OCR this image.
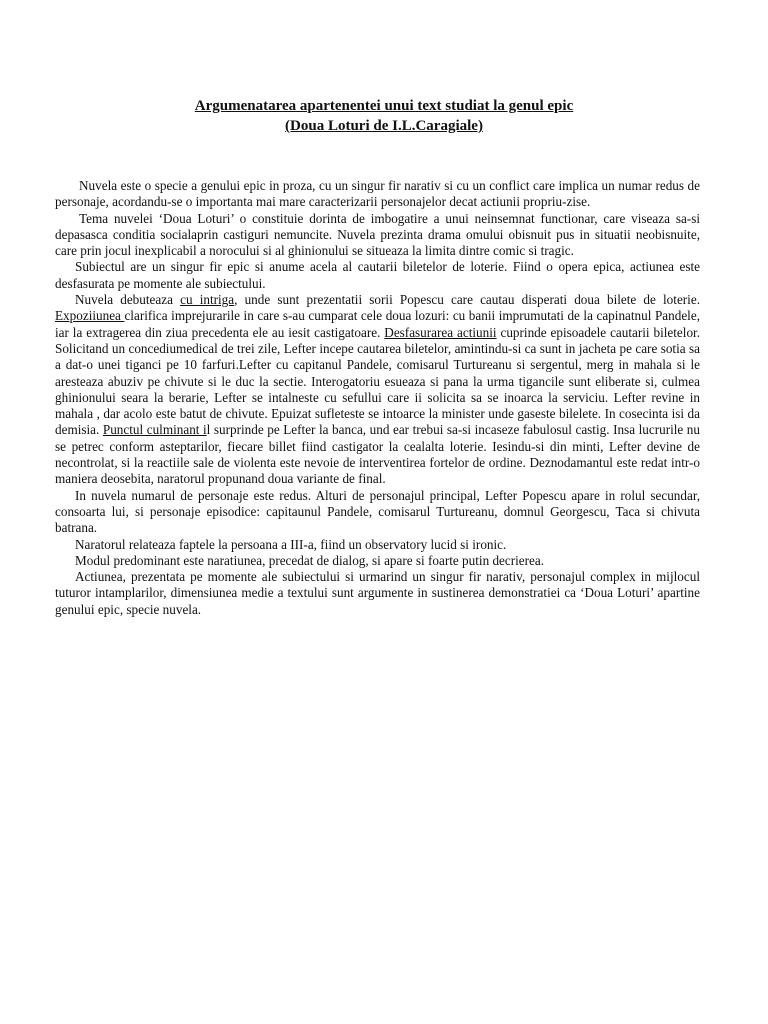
Argumenatarea apartenentei unui text studiat la genul epic
(Doua Loturi de I.L.Caragiale)

Nuvela este o specie a genului epic in proza, cu un singur fir narativ si cu un conflict care implica un numar redus de personaje, acordandu-se o importanta mai mare caracterizarii personajelor decat actiunii propriu-zise.

Tema nuvelei ‘Doua Loturi’ o constituie dorinta de imbogatire a unui neinsemnat functionar, care viseaza sa-si depasasca conditia socialaprin castiguri nemuncite. Nuvela prezinta drama omului obisnuit pus in situatii neobisnuite, care prin jocul inexplicabil a norocului si al ghinionului se situeaza la limita dintre comic si tragic.

Subiectul are un singur fir epic si anume acela al cautarii biletelor de loterie. Fiind o opera epica, actiunea este desfasurata pe momente ale subiectului.

Nuvela debuteaza cu intriga, unde sunt prezentatii sorii Popescu care cautau disperati doua bilete de loterie. Expoziiunea clarifica imprejurarile in care s-au cumparat cele doua lozuri: cu banii imprumutati de la capinatnul Pandele, iar la extragerea din ziua precedenta ele au iesit castigatoare. Desfasurarea actiunii cuprinde episoadele cautarii biletelor. Solicitand un concediumedical de trei zile, Lefter incepe cautarea biletelor, amintindu-si ca sunt in jacheta pe care sotia sa a dat-o unei tiganci pe 10 farfuri.Lefter cu capitanul Pandele, comisarul Turtureanu si sergentul, merg in mahala si le aresteaza abuziv pe chivute si le duc la sectie. Interogatoriu esueaza si pana la urma tigancile sunt eliberate si, culmea ghinionului seara la berarie, Lefter se intalneste cu sefullui care ii solicita sa se inoarca la serviciu. Lefter revine in mahala , dar acolo este batut de chivute. Epuizat sufleteste se intoarce la minister unde gaseste bilelete. In cosecinta isi da demisia. Punctul culminant il surprinde pe Lefter la banca, und ear trebui sa-si incaseze fabulosul castig. Insa lucrurile nu se petrec conform asteptarilor, fiecare billet fiind castigator la cealalta loterie. Iesindu-si din minti, Lefter devine de necontrolat, si la reactiile sale de violenta este nevoie de interventirea fortelor de ordine. Deznodamantul este redat intr-o maniera deosebita, naratorul propunand doua variante de final.

In nuvela numarul de personaje este redus. Alturi de personajul principal, Lefter Popescu apare in rolul secundar, consoarta lui, si personaje episodice: capitaunul Pandele, comisarul Turtureanu, domnul Georgescu, Taca si chivuta batrana.

Naratorul relateaza faptele la persoana a III-a, fiind un observatory lucid si ironic.

Modul predominant este naratiunea, precedat de dialog, si apare si foarte putin decrierea.

Actiunea, prezentata pe momente ale subiectului si urmarind un singur fir narativ, personajul complex in mijlocul tuturor intamplarilor, dimensiunea medie a textului sunt argumente in sustinerea demonstratiei ca ‘Doua Loturi’ apartine genului epic, specie nuvela.
